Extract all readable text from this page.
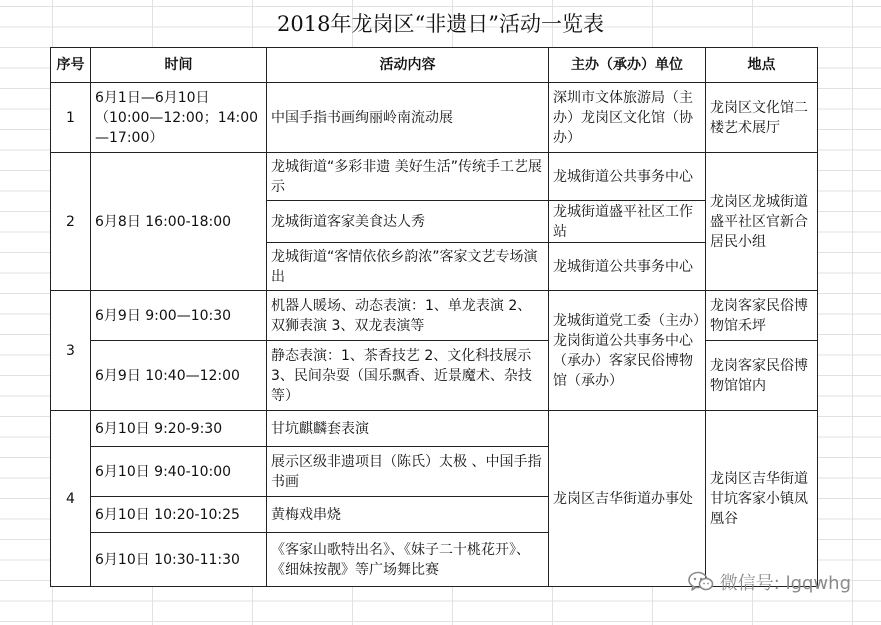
2018年龙岗区“非遗日”活动一览表
序号	时间	活动内容	主办（承办）单位	地点
1	6月1日—6月10日（10:00—12:00；14:00—17:00）	中国手指书画绚丽岭南流动展	深圳市文体旅游局（主办）龙岗区文化馆（协办）	龙岗区文化馆二楼艺术展厅
2	6月8日 16:00-18:00	龙城街道“多彩非遗 美好生活”传统手工艺展示	龙城街道公共事务中心	龙岗区龙城街道盛平社区官新合居民小组
		龙城街道客家美食达人秀	龙城街道盛平社区工作站	
		龙城街道“客情依依乡韵浓”客家文艺专场演出	龙城街道公共事务中心	
3	6月9日 9:00—10:30	机器人暖场、动态表演：1、单龙表演 2、双狮表演 3、双龙表演等	龙城街道党工委（主办）龙岗街道公共事务中心（承办）客家民俗博物馆（承办）	龙岗客家民俗博物馆禾坪
	6月9日 10:40—12:00	静态表演：1、茶香技艺 2、文化科技展示 3、民间杂耍（国乐飘香、近景魔术、杂技等）		龙岗客家民俗博物馆馆内
4	6月10日 9:20-9:30	甘坑麒麟套表演	龙岗区吉华街道办事处	龙岗区吉华街道甘坑客家小镇凤凰谷
	6月10日 9:40-10:00	展示区级非遗项目（陈氏）太极 、中国手指书画		
	6月10日 10:20-10:25	黄梅戏串烧		
	6月10日 10:30-11:30	《客家山歌特出名》、《妹子二十桃花开》、《细妹按靓》等广场舞比赛		
微信号: lgqwhg
